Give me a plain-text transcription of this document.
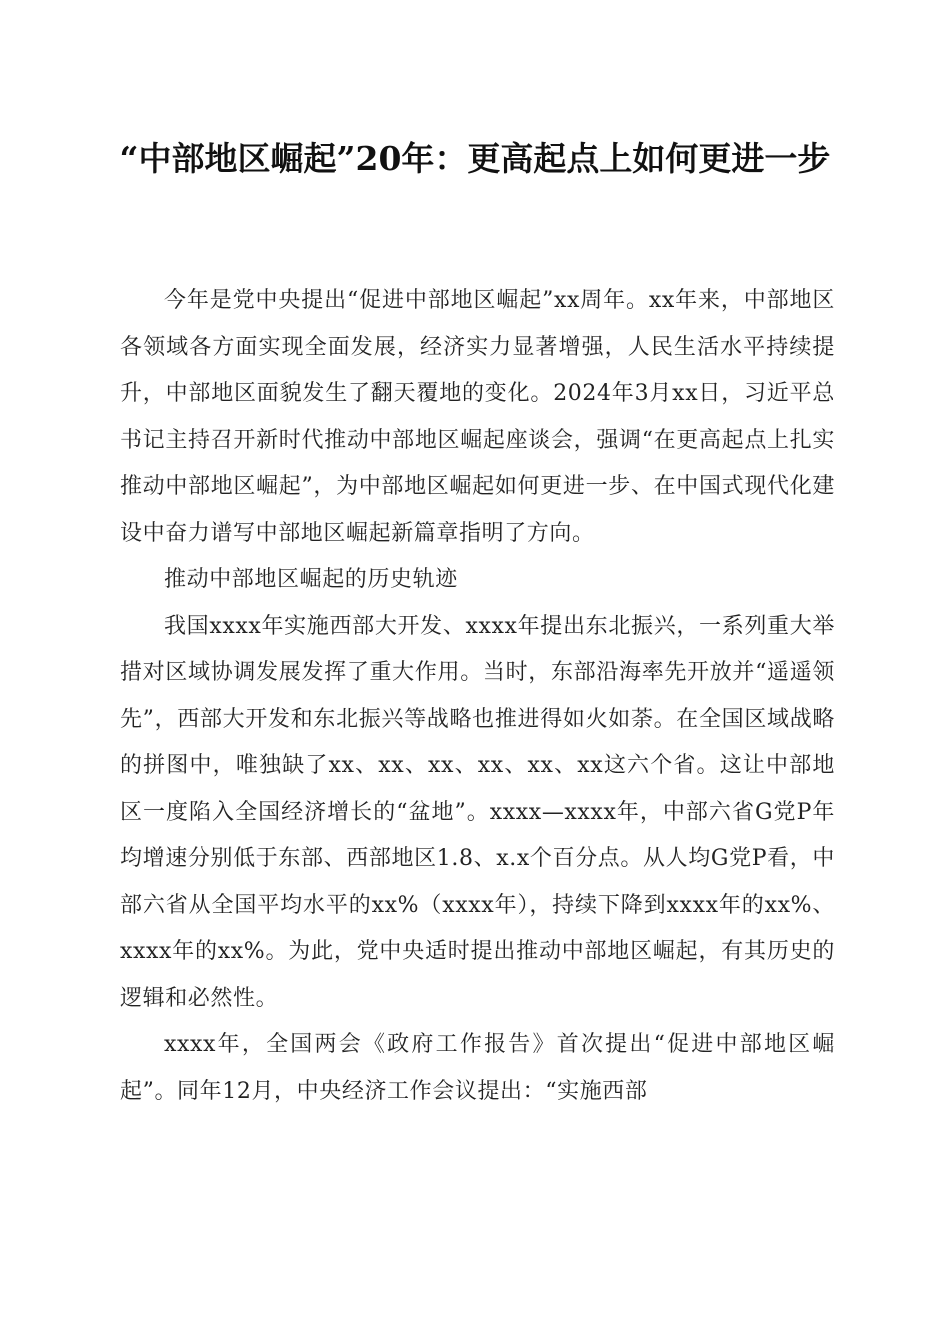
“中部地区崛起”20年：更高起点上如何更进一步

今年是党中央提出“促进中部地区崛起”xx周年。xx年来，中部地区各领域各方面实现全面发展，经济实力显著增强，人民生活水平持续提升，中部地区面貌发生了翻天覆地的变化。2024年3月xx日，习近平总书记主持召开新时代推动中部地区崛起座谈会，强调“在更高起点上扎实推动中部地区崛起”，为中部地区崛起如何更进一步、在中国式现代化建设中奋力谱写中部地区崛起新篇章指明了方向。

推动中部地区崛起的历史轨迹

我国xxxx年实施西部大开发、xxxx年提出东北振兴，一系列重大举措对区域协调发展发挥了重大作用。当时，东部沿海率先开放并“遥遥领先”，西部大开发和东北振兴等战略也推进得如火如荼。在全国区域战略的拼图中，唯独缺了xx、xx、xx、xx、xx、xx这六个省。这让中部地区一度陷入全国经济增长的“盆地”。xxxx—xxxx年，中部六省G党P年均增速分别低于东部、西部地区1.8、x.x个百分点。从人均G党P看，中部六省从全国平均水平的xx%（xxxx年），持续下降到xxxx年的xx%、xxxx年的xx%。为此，党中央适时提出推动中部地区崛起，有其历史的逻辑和必然性。

xxxx年，全国两会《政府工作报告》首次提出“促进中部地区崛起”。同年12月，中央经济工作会议提出：“实施西部
